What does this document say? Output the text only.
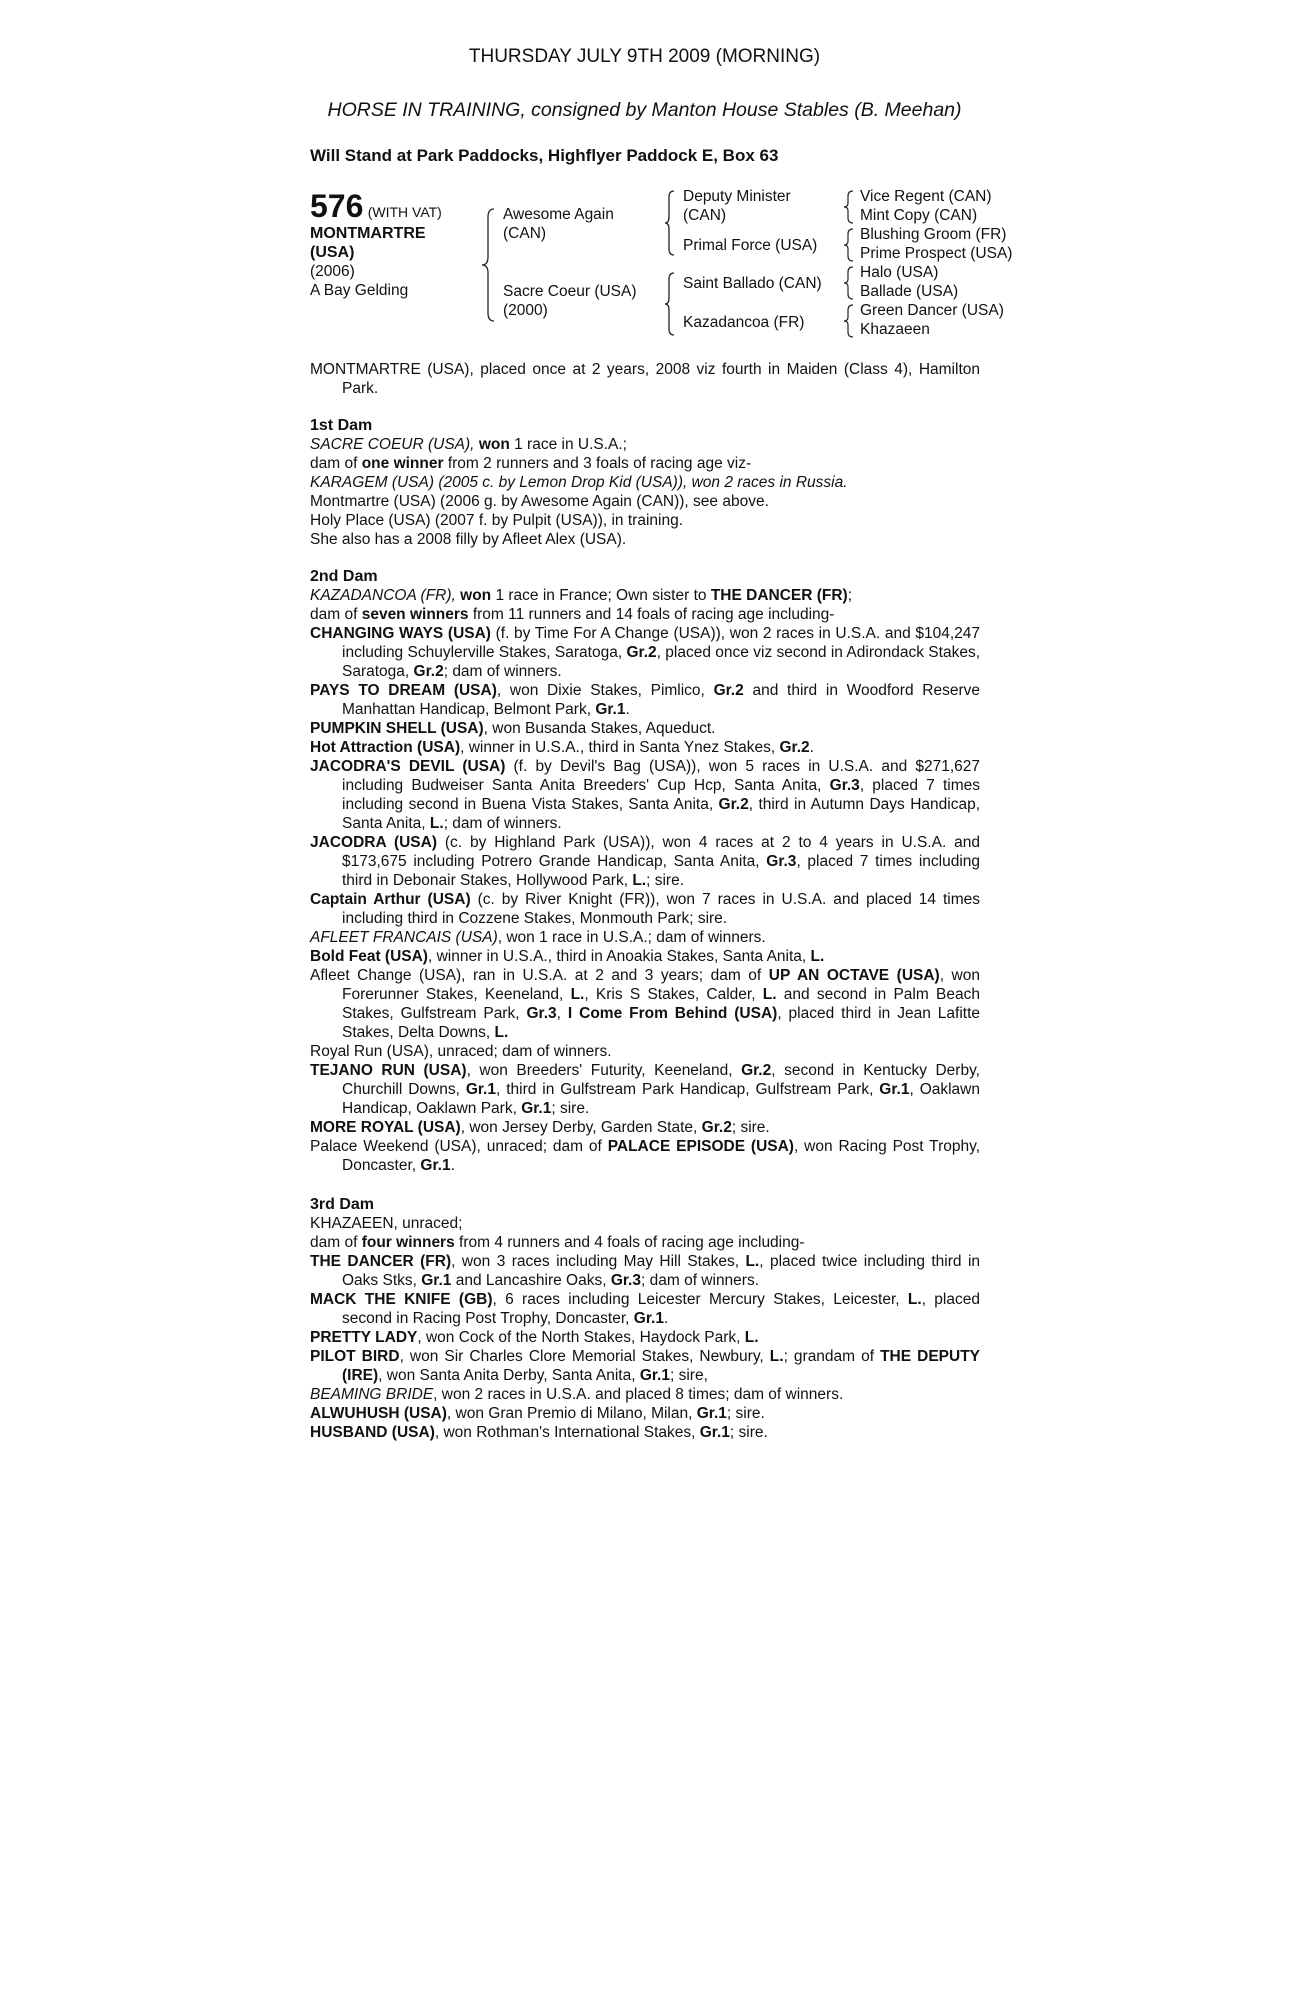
THURSDAY JULY 9TH 2009 (MORNING)
HORSE IN TRAINING, consigned by Manton House Stables (B. Meehan)
Will Stand at Park Paddocks, Highflyer Paddock E, Box 63
576 (WITH VAT)
MONTMARTRE
(USA)
(2006)
A Bay Gelding
Awesome Again
(CAN)
Sacre Coeur (USA)
(2000)
Deputy Minister
(CAN)
Primal Force (USA)
Saint Ballado (CAN)
Kazadancoa (FR)
Vice Regent (CAN)
Mint Copy (CAN)
Blushing Groom (FR)
Prime Prospect (USA)
Halo (USA)
Ballade (USA)
Green Dancer (USA)
Khazaeen

MONTMARTRE (USA), placed once at 2 years, 2008 viz fourth in Maiden (Class 4), Hamilton Park.

1st Dam

SACRE COEUR (USA), won 1 race in U.S.A.;

dam of one winner from 2 runners and 3 foals of racing age viz-

KARAGEM (USA) (2005 c. by Lemon Drop Kid (USA)), won 2 races in Russia.

Montmartre (USA) (2006 g. by Awesome Again (CAN)), see above.

Holy Place (USA) (2007 f. by Pulpit (USA)), in training.

She also has a 2008 filly by Afleet Alex (USA).

2nd Dam

KAZADANCOA (FR), won 1 race in France; Own sister to THE DANCER (FR);

dam of seven winners from 11 runners and 14 foals of racing age including-

CHANGING WAYS (USA) (f. by Time For A Change (USA)), won 2 races in U.S.A. and $104,247 including Schuylerville Stakes, Saratoga, Gr.2, placed once viz second in Adirondack Stakes, Saratoga, Gr.2; dam of winners.

PAYS TO DREAM (USA), won Dixie Stakes, Pimlico, Gr.2 and third in Woodford Reserve Manhattan Handicap, Belmont Park, Gr.1.

PUMPKIN SHELL (USA), won Busanda Stakes, Aqueduct.

Hot Attraction (USA), winner in U.S.A., third in Santa Ynez Stakes, Gr.2.

JACODRA'S DEVIL (USA) (f. by Devil's Bag (USA)), won 5 races in U.S.A. and $271,627 including Budweiser Santa Anita Breeders' Cup Hcp, Santa Anita, Gr.3, placed 7 times including second in Buena Vista Stakes, Santa Anita, Gr.2, third in Autumn Days Handicap, Santa Anita, L.; dam of winners.

JACODRA (USA) (c. by Highland Park (USA)), won 4 races at 2 to 4 years in U.S.A. and $173,675 including Potrero Grande Handicap, Santa Anita, Gr.3, placed 7 times including third in Debonair Stakes, Hollywood Park, L.; sire.

Captain Arthur (USA) (c. by River Knight (FR)), won 7 races in U.S.A. and placed 14 times including third in Cozzene Stakes, Monmouth Park; sire.

AFLEET FRANCAIS (USA), won 1 race in U.S.A.; dam of winners.

Bold Feat (USA), winner in U.S.A., third in Anoakia Stakes, Santa Anita, L.

Afleet Change (USA), ran in U.S.A. at 2 and 3 years; dam of UP AN OCTAVE (USA), won Forerunner Stakes, Keeneland, L., Kris S Stakes, Calder, L. and second in Palm Beach Stakes, Gulfstream Park, Gr.3, I Come From Behind (USA), placed third in Jean Lafitte Stakes, Delta Downs, L.

Royal Run (USA), unraced; dam of winners.

TEJANO RUN (USA), won Breeders' Futurity, Keeneland, Gr.2, second in Kentucky Derby, Churchill Downs, Gr.1, third in Gulfstream Park Handicap, Gulfstream Park, Gr.1, Oaklawn Handicap, Oaklawn Park, Gr.1; sire.

MORE ROYAL (USA), won Jersey Derby, Garden State, Gr.2; sire.

Palace Weekend (USA), unraced; dam of PALACE EPISODE (USA), won Racing Post Trophy, Doncaster, Gr.1.

3rd Dam

KHAZAEEN, unraced;

dam of four winners from 4 runners and 4 foals of racing age including-

THE DANCER (FR), won 3 races including May Hill Stakes, L., placed twice including third in Oaks Stks, Gr.1 and Lancashire Oaks, Gr.3; dam of winners.

MACK THE KNIFE (GB), 6 races including Leicester Mercury Stakes, Leicester, L., placed second in Racing Post Trophy, Doncaster, Gr.1.

PRETTY LADY, won Cock of the North Stakes, Haydock Park, L.

PILOT BIRD, won Sir Charles Clore Memorial Stakes, Newbury, L.; grandam of THE DEPUTY (IRE), won Santa Anita Derby, Santa Anita, Gr.1; sire,

BEAMING BRIDE, won 2 races in U.S.A. and placed 8 times; dam of winners.

ALWUHUSH (USA), won Gran Premio di Milano, Milan, Gr.1; sire.

HUSBAND (USA), won Rothman's International Stakes, Gr.1; sire.
